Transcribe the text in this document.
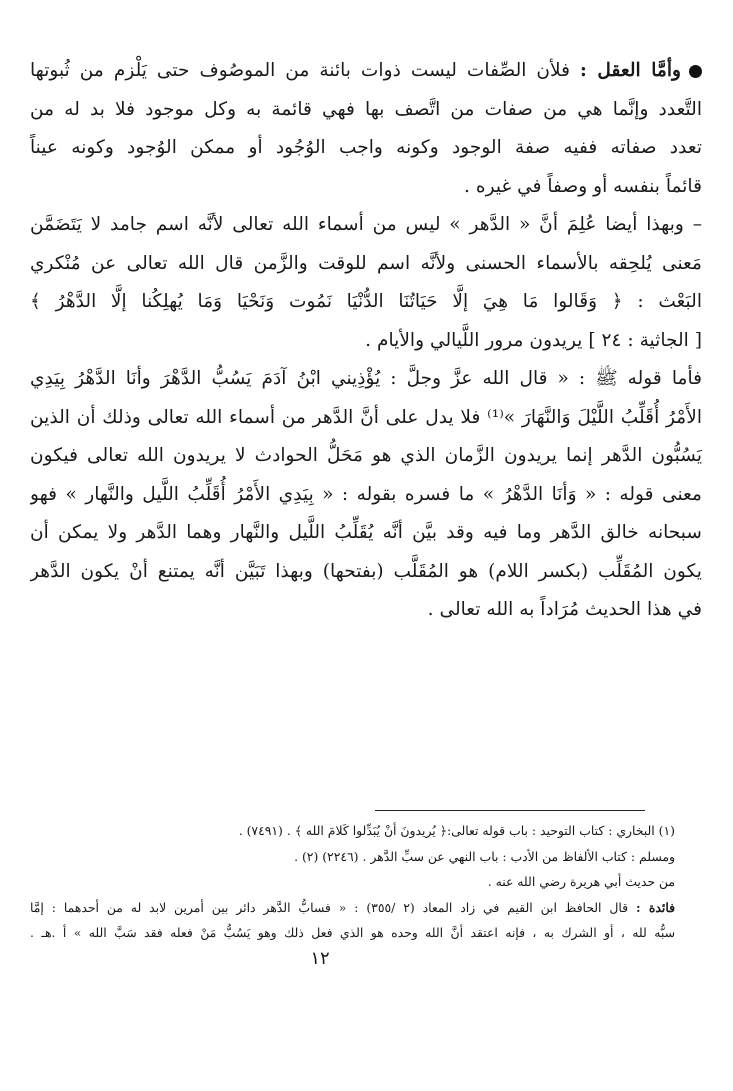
وأمَّا العقل : فلأن الصِّفات ليست ذوات بائنة من الموصُوف حتى يَلْزم من ثُبوتها
التَّعدد وإنَّما هي من صفات من اتَّصف بها فهي قائمة به وكل موجود فلا بد له من
تعدد صفاته ففيه صفة الوجود وكونه واجب الوُجُود أو ممكن الوُجود وكونه عيناً
قائماً بنفسه أو وصفاً في غيره .
– وبهذا أيضا عُلِمَ أنَّ « الدَّهر » ليس من أسماء الله تعالى لأنَّه اسم جامد لا يَتَضَمَّن
مَعنى يُلحِقه بالأسماء الحسنى ولأنَّه اسم للوقت والزَّمن قال الله تعالى عن مُنْكري
البَعْث : ﴿ وَقَالوا مَا هِيَ إلَّا حَيَاتُنَا الدُّنْيَا نَمُوت وَنَحْيَا وَمَا يُهلِكُنا إلَّا الدَّهْرُ ﴾
[ الجاثية : ٢٤ ] يريدون مرور اللَّيالي والأيام .
فأما قوله ﷺ : « قال الله عزَّ وجلَّ : يُؤْذِيني ابْنُ آدَمَ يَسُبُّ الدَّهْرَ وأنَا الدَّهْرُ بِيَدِي
الأَمْرُ أُقَلِّبُ اللَّيْلَ وَالنَّهَارَ »⁽¹⁾ فلا يدل على أنَّ الدَّهر من أسماء الله تعالى وذلك أن الذين
يَسُبُّون الدَّهر إنما يريدون الزَّمان الذي هو مَحَلُّ الحوادث لا يريدون الله تعالى فيكون
معنى قوله : « وَأنَا الدَّهْرُ » ما فسره بقوله : « بِيَدِي الأَمْرُ أُقَلِّبُ اللَّيل والنَّهار » فهو
سبحانه خالق الدَّهر وما فيه وقد بيَّن أنَّه يُقَلِّبُ اللَّيل والنَّهار وهما الدَّهر ولا يمكن أن
يكون المُقَلِّب (بكسر اللام) هو المُقَلَّب (بفتحها) وبهذا تَبَيَّن أنَّه يمتنع أنْ يكون الدَّهر
في هذا الحديث مُرَاداً به الله تعالى .
(١) البخاري : كتاب التوحيد : باب قوله تعالى:﴿ يُريدونَ أنْ يُبَدِّلوا كَلامَ الله ﴾ . (٧٤٩١) .
ومسلم : كتاب الألفاظ من الأدب : باب النهي عن سبِّ الدَّهر . (٢٢٤٦) (٢) .
من حديث أبي هريرة رضي الله عنه .
فائدة : قال الحافظ ابن القيم في زاد المعاد (٢ /٣٥٥) : « فسابُّ الدَّهر دائر بين أمرين لابد له من أحدهما : إمَّا
سبُّه لله ، أو الشرك به ، فإنه اعتقد أنَّ الله وحده هو الذي فعل ذلك وهو يَسُبُّ مَنْ فعله فقد سَبَّ الله » أ .هـ .
١٢
